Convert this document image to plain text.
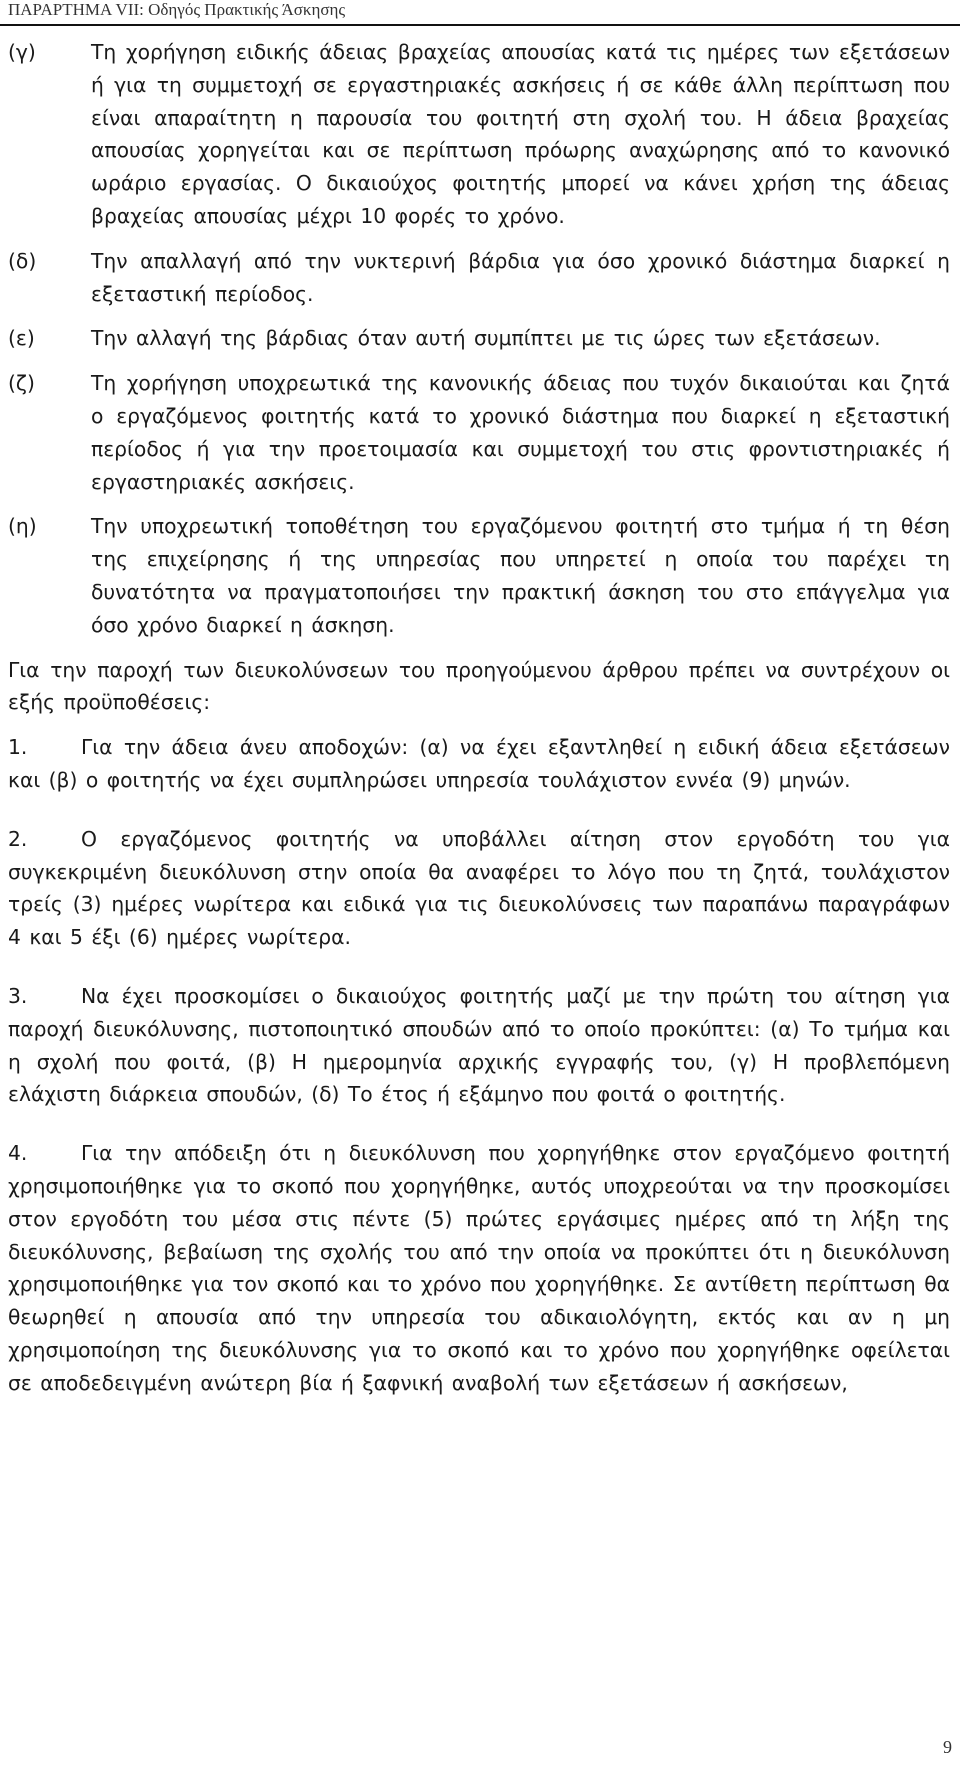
ΠΑΡΑΡΤΗΜΑ VII: Οδηγός Πρακτικής Άσκησης
(γ)	Τη χορήγηση ειδικής άδειας βραχείας απουσίας κατά τις ημέρες των εξετάσεων ή για τη συμμετοχή σε εργαστηριακές ασκήσεις ή σε κάθε άλλη περίπτωση που είναι απαραίτητη η παρουσία του φοιτητή στη σχολή του. Η άδεια βραχείας απουσίας χορηγείται και σε περίπτωση πρόωρης αναχώρησης από το κανονικό ωράριο εργασίας. Ο δικαιούχος φοιτητής μπορεί να κάνει χρήση της άδειας βραχείας απουσίας μέχρι 10 φορές το χρόνο.
(δ)	Την απαλλαγή από την νυκτερινή βάρδια για όσο χρονικό διάστημα διαρκεί η εξεταστική περίοδος.
(ε)	Την αλλαγή της βάρδιας όταν αυτή συμπίπτει με τις ώρες των εξετάσεων.
(ζ)	Τη χορήγηση υποχρεωτικά της κανονικής άδειας που τυχόν δικαιούται και ζητά ο εργαζόμενος φοιτητής κατά το χρονικό διάστημα που διαρκεί η εξεταστική περίοδος ή για την προετοιμασία και συμμετοχή του στις φροντιστηριακές ή εργαστηριακές ασκήσεις.
(η)	Την υποχρεωτική τοποθέτηση του εργαζόμενου φοιτητή στο τμήμα ή τη θέση της επιχείρησης ή της υπηρεσίας που υπηρετεί η οποία του παρέχει τη δυνατότητα να πραγματοποιήσει την πρακτική άσκηση του στο επάγγελμα για όσο χρόνο διαρκεί η άσκηση.

Για την παροχή των διευκολύνσεων του προηγούμενου άρθρου πρέπει να συντρέχουν οι εξής προϋποθέσεις:

1.	Για την άδεια άνευ αποδοχών: (α) να έχει εξαντληθεί η ειδική άδεια εξετάσεων και (β) ο φοιτητής να έχει συμπληρώσει υπηρεσία τουλάχιστον εννέα (9) μηνών.

2.	Ο εργαζόμενος φοιτητής να υποβάλλει αίτηση στον εργοδότη του για συγκεκριμένη διευκόλυνση στην οποία θα αναφέρει το λόγο που τη ζητά, τουλάχιστον τρείς (3) ημέρες νωρίτερα και ειδικά για τις διευκολύνσεις των παραπάνω παραγράφων 4 και 5 έξι (6) ημέρες νωρίτερα.

3.	Να έχει προσκομίσει ο δικαιούχος φοιτητής μαζί με την πρώτη του αίτηση για παροχή διευκόλυνσης, πιστοποιητικό σπουδών από το οποίο προκύπτει: (α) Το τμήμα και η σχολή που φοιτά, (β) Η ημερομηνία αρχικής εγγραφής του, (γ) Η προβλεπόμενη ελάχιστη διάρκεια σπουδών, (δ) Το έτος ή εξάμηνο που φοιτά ο φοιτητής.

4.	Για την απόδειξη ότι η διευκόλυνση που χορηγήθηκε στον εργαζόμενο φοιτητή χρησιμοποιήθηκε για το σκοπό που χορηγήθηκε, αυτός υποχρεούται να την προσκομίσει στον εργοδότη του μέσα στις πέντε (5) πρώτες εργάσιμες ημέρες από τη λήξη της διευκόλυνσης, βεβαίωση της σχολής του από την οποία να προκύπτει ότι η διευκόλυνση χρησιμοποιήθηκε για τον σκοπό και το χρόνο που χορηγήθηκε. Σε αντίθετη περίπτωση θα θεωρηθεί η απουσία από την υπηρεσία του αδικαιολόγητη, εκτός και αν η μη χρησιμοποίηση της διευκόλυνσης για το σκοπό και το χρόνο που χορηγήθηκε οφείλεται σε αποδεδειγμένη ανώτερη βία ή ξαφνική αναβολή των εξετάσεων ή ασκήσεων,

9
